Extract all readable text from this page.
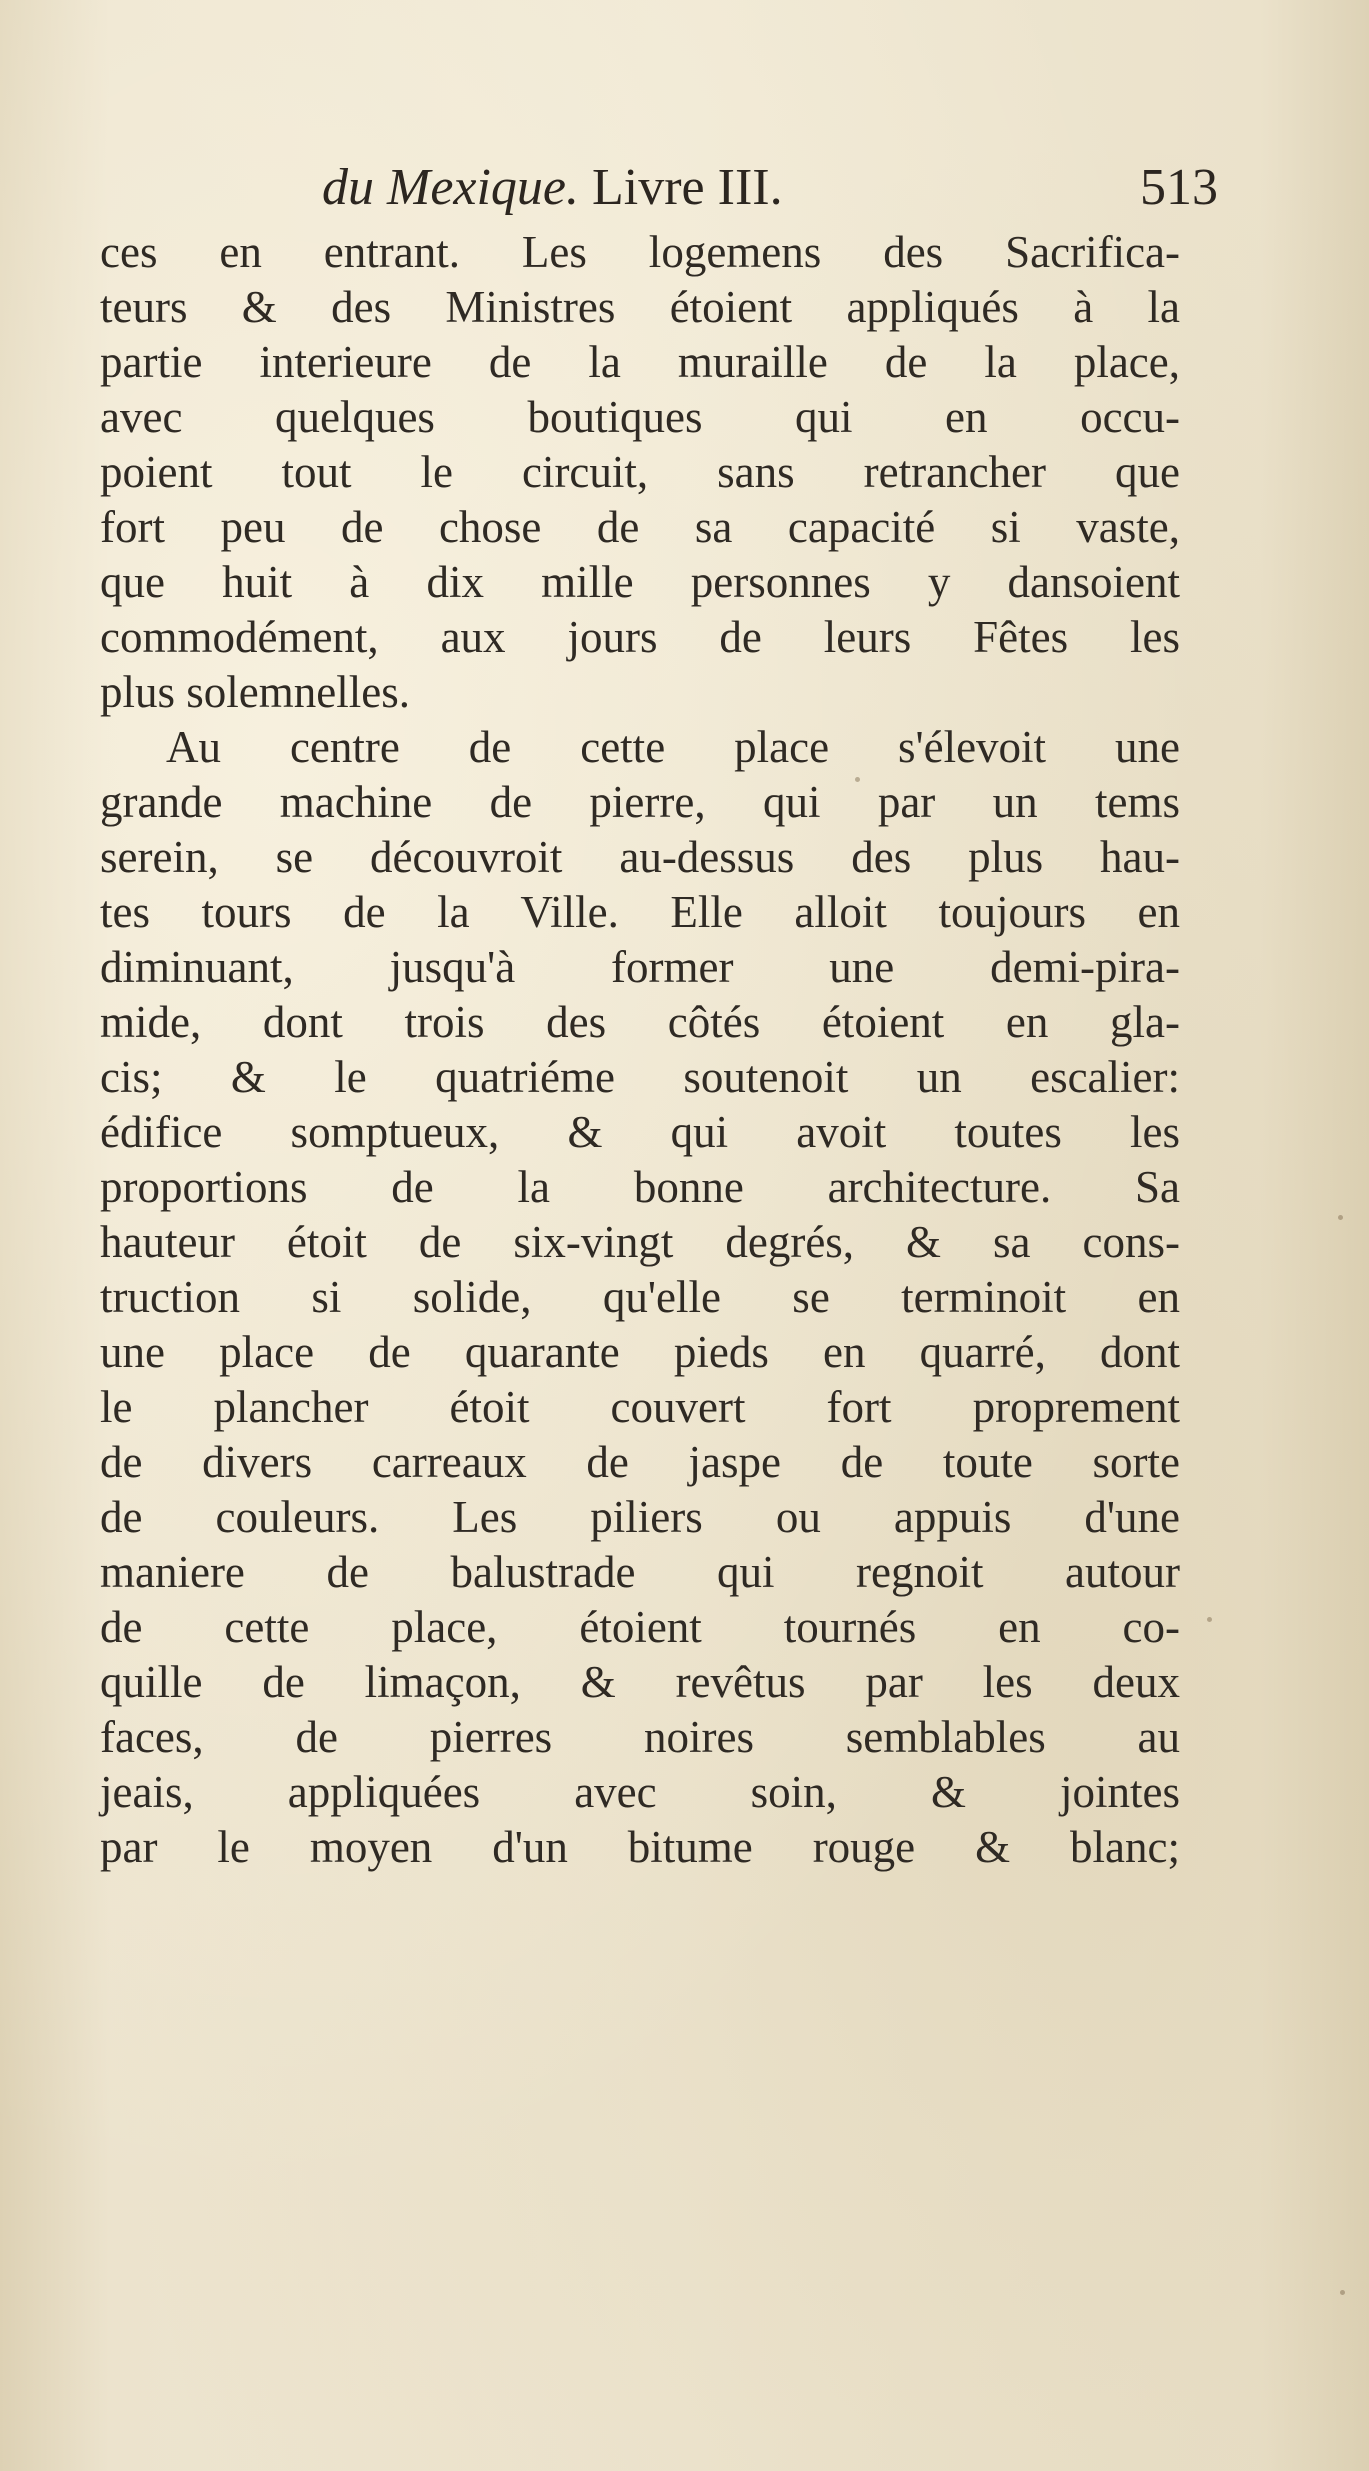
du Mexique. Livre III.	513
ces en entrant. Les logemens des Sacrifica-
teurs & des Ministres étoient appliqués à la
partie interieure de la muraille de la place,
avec quelques boutiques qui en occu-
poient tout le circuit, sans retrancher que
fort peu de chose de sa capacité si vaste,
que huit à dix mille personnes y dansoient
commodément, aux jours de leurs Fêtes les
plus solemnelles.
Au centre de cette place s'élevoit une
grande machine de pierre, qui par un tems
serein, se découvroit au-dessus des plus hau-
tes tours de la Ville. Elle alloit toujours en
diminuant, jusqu'à former une demi-pira-
mide, dont trois des côtés étoient en gla-
cis; & le quatriéme soutenoit un escalier:
édifice somptueux, & qui avoit toutes les
proportions de la bonne architecture. Sa
hauteur étoit de six-vingt degrés, & sa cons-
truction si solide, qu'elle se terminoit en
une place de quarante pieds en quarré, dont
le plancher étoit couvert fort proprement
de divers carreaux de jaspe de toute sorte
de couleurs. Les piliers ou appuis d'une
maniere de balustrade qui regnoit autour
de cette place, étoient tournés en co-
quille de limaçon, & revêtus par les deux
faces, de pierres noires semblables au
jeais, appliquées avec soin, & jointes
par le moyen d'un bitume rouge & blanc;
